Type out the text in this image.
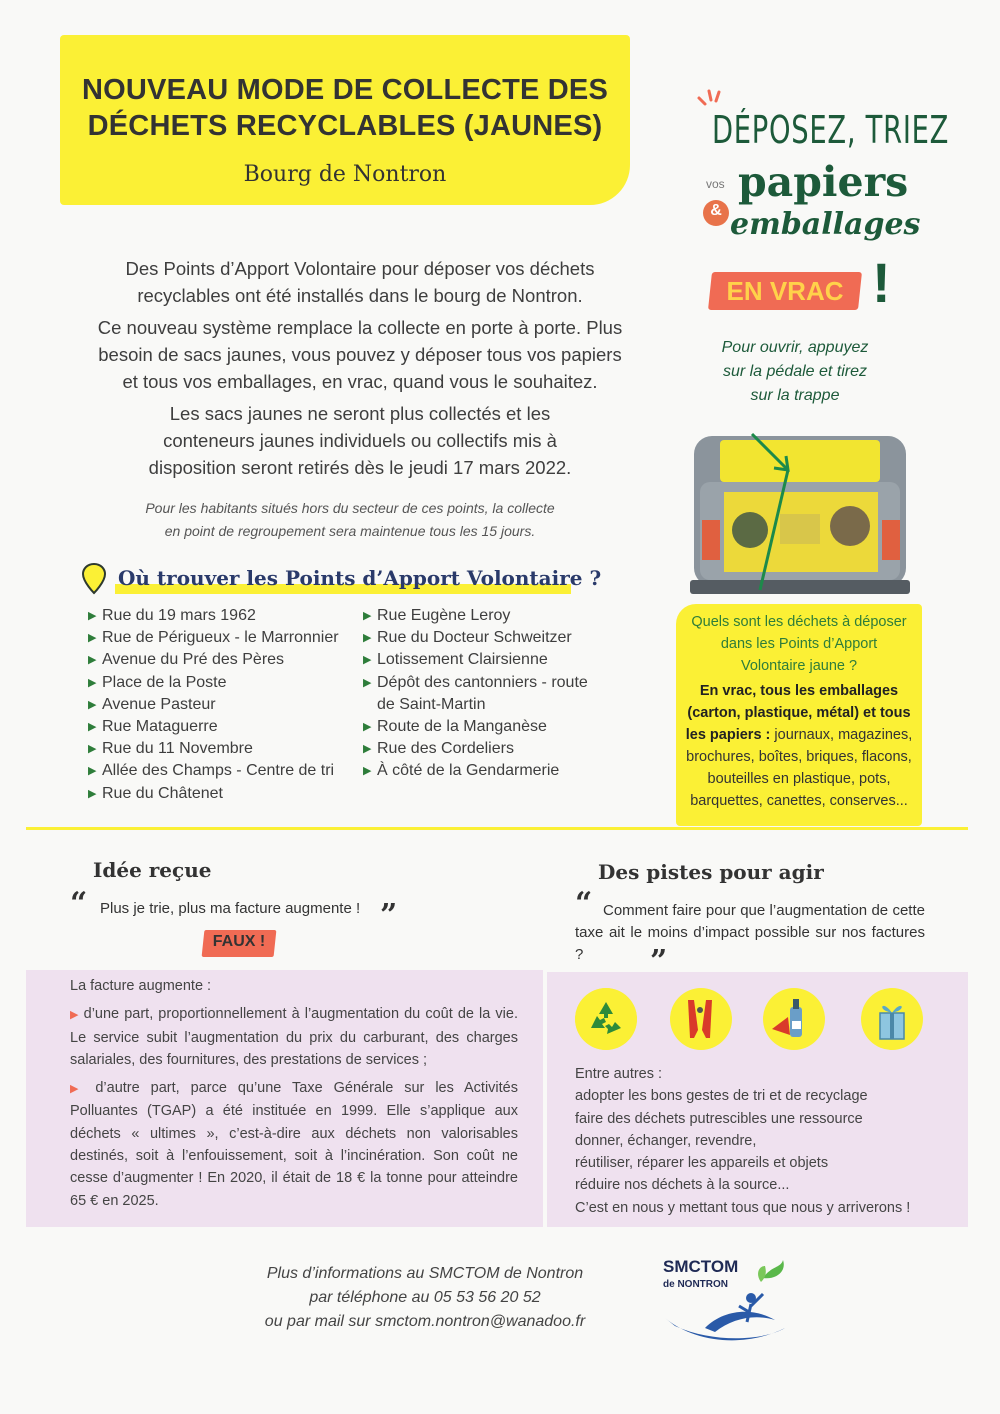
NOUVEAU MODE DE COLLECTE DES
DÉCHETS RECYCLABLES (JAUNES)
Bourg de Nontron
Des Points d’Apport Volontaire pour déposer vos déchets
recyclables ont été installés dans le bourg de Nontron.
Ce nouveau système remplace la collecte en porte à porte. Plus
besoin de sacs jaunes, vous pouvez y déposer tous vos papiers
et tous vos emballages, en vrac, quand vous le souhaitez.
Les sacs jaunes ne seront plus collectés et les
conteneurs jaunes individuels ou collectifs mis à
disposition seront retirés dès le jeudi 17 mars 2022.
Pour les habitants situés hors du secteur de ces points, la collecte
en point de regroupement sera maintenue tous les 15 jours.
Où trouver les Points d’Apport Volontaire ?
▶ Rue du 19 mars 1962
▶ Rue de Périgueux - le Marronnier
▶ Avenue du Pré des Pères
▶ Place de la Poste
▶ Avenue Pasteur
▶ Rue Mataguerre
▶ Rue du 11 Novembre
▶ Allée des Champs - Centre de tri
▶ Rue du Châtenet
▶ Rue Eugène Leroy
▶ Rue du Docteur Schweitzer
▶ Lotissement Clairsienne
▶ Dépôt des cantonniers - route
de Saint-Martin
▶ Route de la Manganèse
▶ Rue des Cordeliers
▶ À côté de la Gendarmerie
DÉPOSEZ, TRIEZ
vos papiers
& emballages
EN VRAC !
Pour ouvrir, appuyez
sur la pédale et tirez
sur la trappe
Quels sont les déchets à déposer
dans les Points d’Apport
Volontaire jaune ?
En vrac, tous les emballages
(carton, plastique, métal) et tous
les papiers : journaux, magazines,
brochures, boîtes, briques, flacons,
bouteilles en plastique, pots,
barquettes, canettes, conserves...
Idée reçue
“ Plus je trie, plus ma facture augmente ! ”
FAUX !

La facture augmente :

▶ d’une part, proportionnellement à l’augmentation du coût de la vie. Le service subit l’augmentation du prix du carburant, des charges salariales, des fournitures, des prestations de services ;

▶ d’autre part, parce qu’une Taxe Générale sur les Activités Polluantes (TGAP) a été instituée en 1999. Elle s’applique aux déchets « ultimes », c’est-à-dire aux déchets non valorisables destinés, soit à l’enfouissement, soit à l’incinération. Son coût ne cesse d’augmenter ! En 2020, il était de 18 € la tonne pour atteindre 65 € en 2025.

Des pistes pour agir
“ Comment faire pour que l’augmentation de cette taxe ait le moins d’impact possible sur nos factures ?	”
Entre autres :
adopter les bons gestes de tri et de recyclage
faire des déchets putrescibles une ressource
donner, échanger, revendre,
réutiliser, réparer les appareils et objets
réduire nos déchets à la source...
C’est en nous y mettant tous que nous y arriverons !
Plus d’informations au SMCTOM de Nontron
par téléphone au 05 53 56 20 52
ou par mail sur smctom.nontron@wanadoo.fr
SMCTOM
de NONTRON
